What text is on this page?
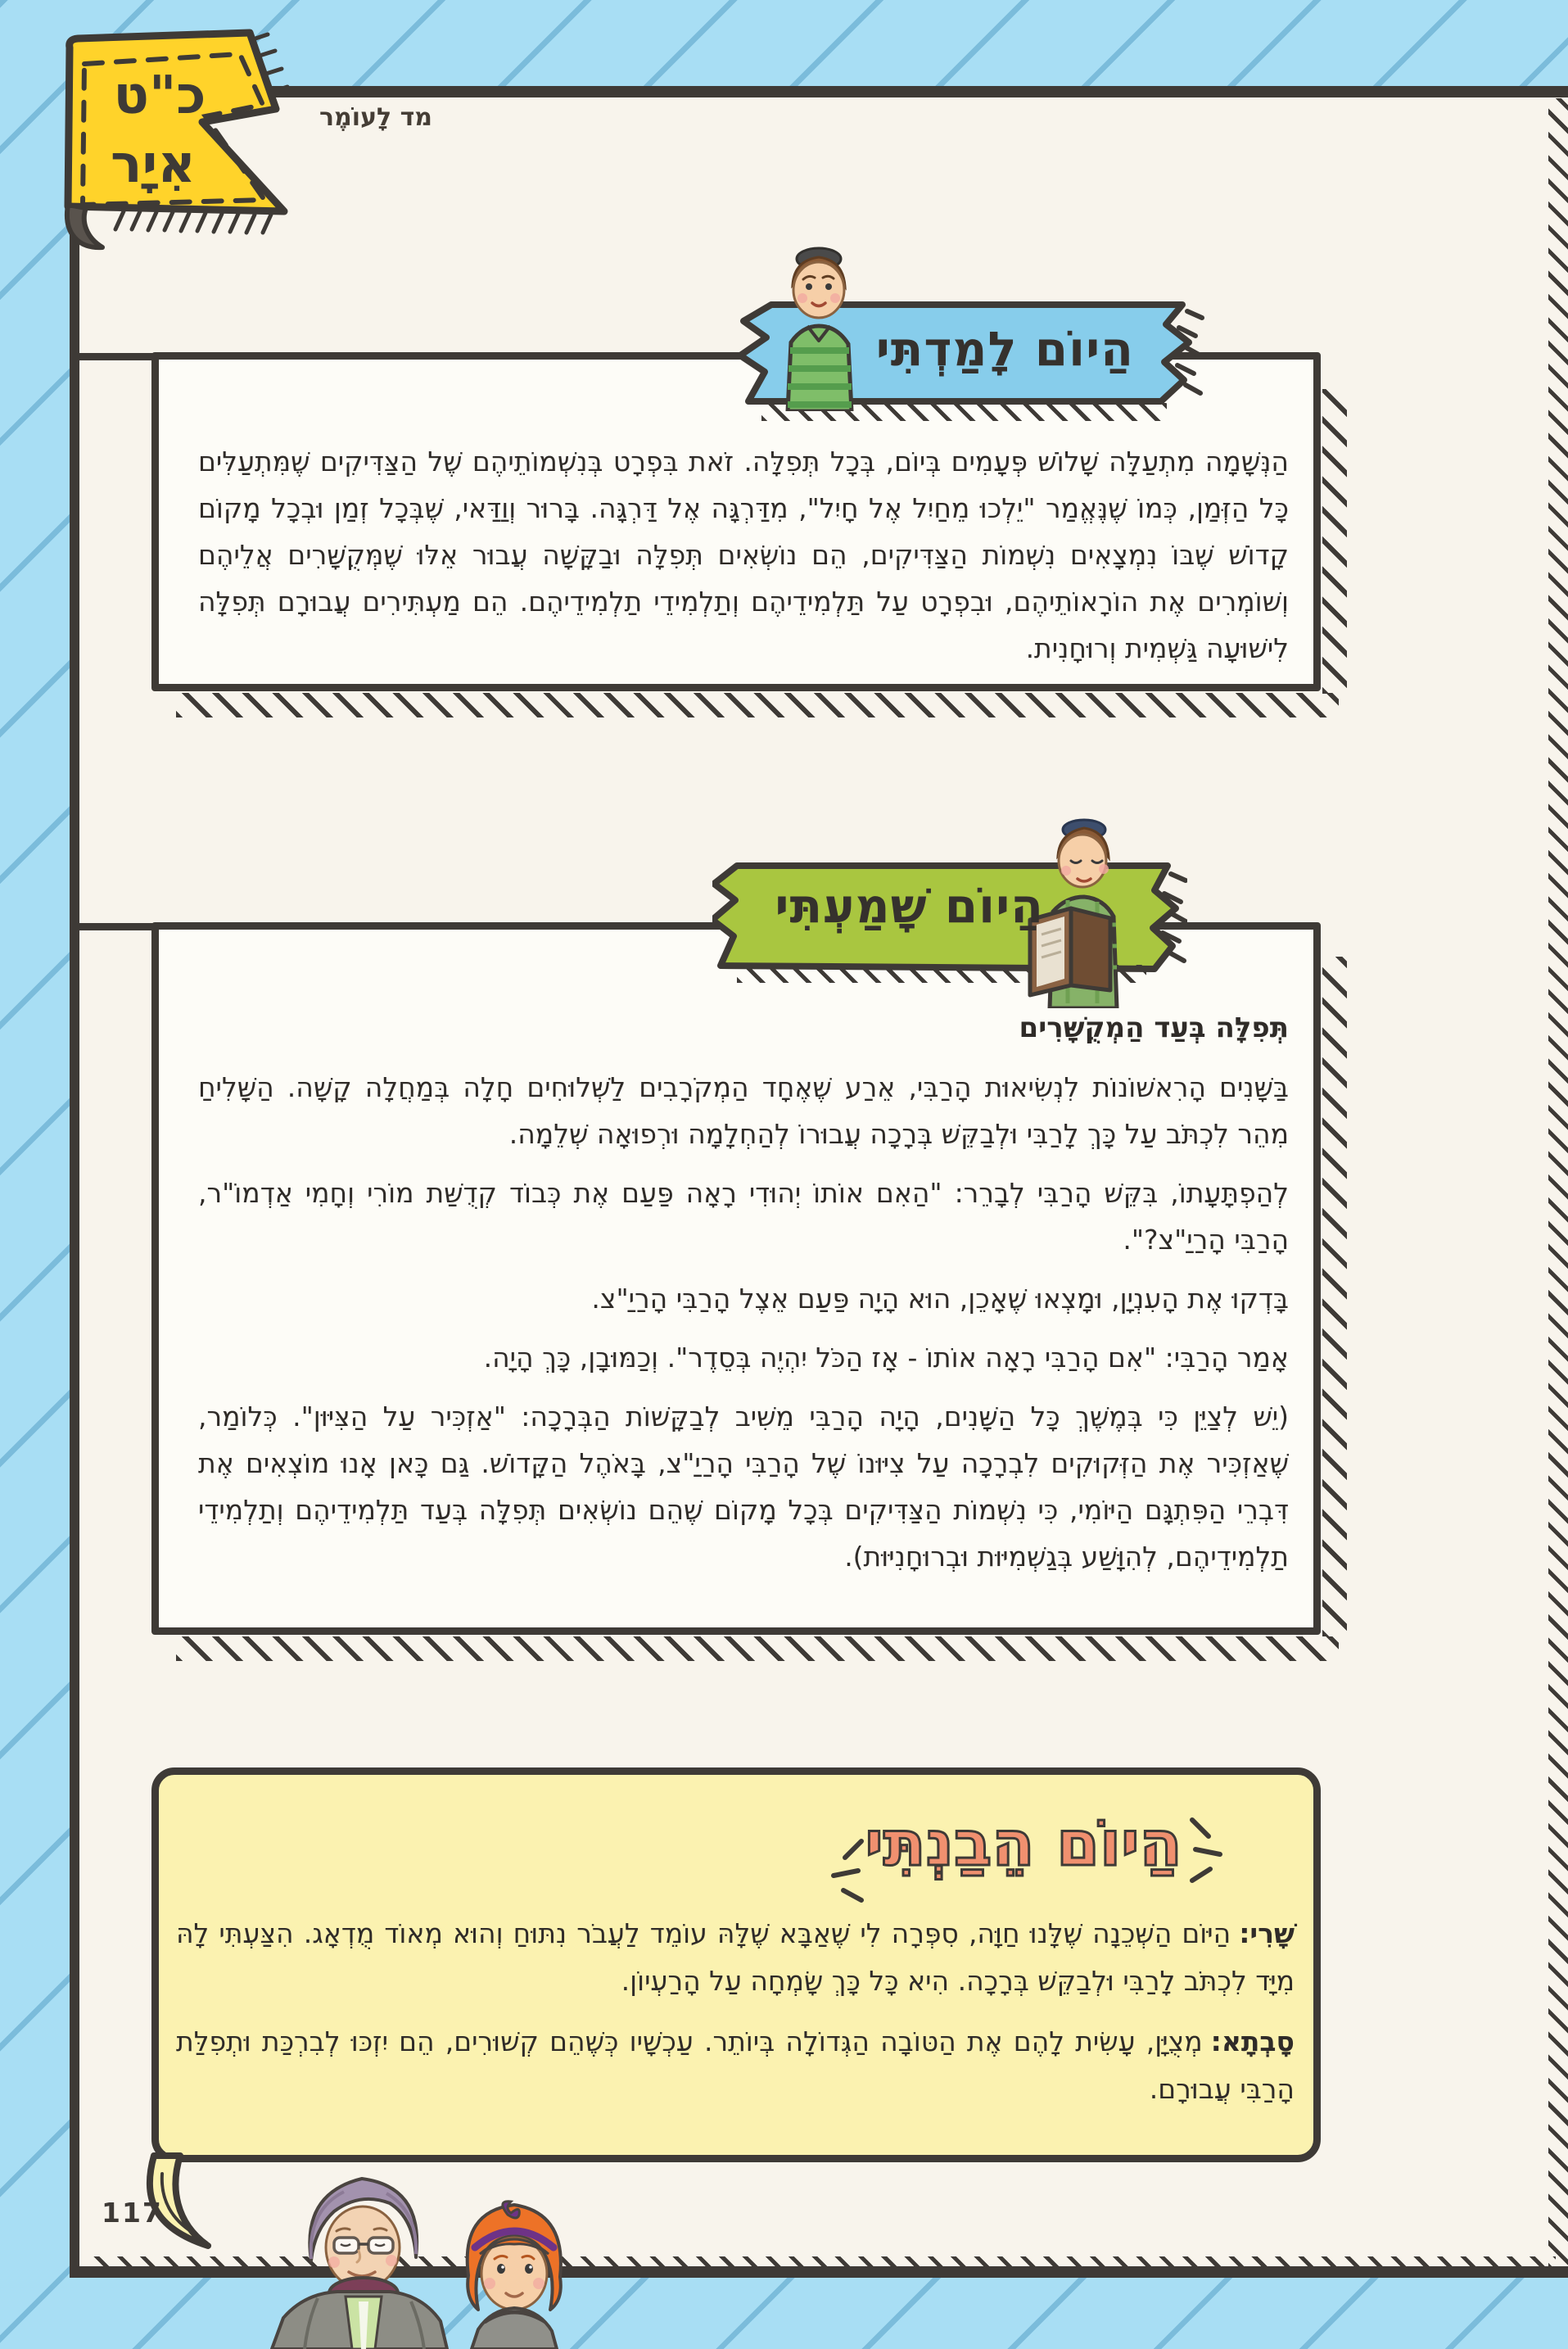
מד לָעוֹמֶר

הַנְּשָׁמָה מִתְעַלָּה שָׁלוֹשׁ פְּעָמִים בְּיוֹם, בְּכָל תְּפִלָּה. זֹאת בִּפְרָט בְּנִשְׁמוֹתֵיהֶם שֶׁל הַצַּדִּיקִים שֶׁמִּתְעַלִּים כָּל הַזְּמַן, כְּמוֹ שֶׁנֶּאֱמַר "יֵלְכוּ מֵחַיִל אֶל חָיִל", מִדַּרְגָּה אֶל דַּרְגָּה. בָּרוּר וְוַדַּאי, שֶׁבְּכָל זְמַן וּבְכָל מָקוֹם קָדוֹשׁ שֶׁבּוֹ נִמְצָאִים נִשְׁמוֹת הַצַּדִּיקִים, הֵם נוֹשְׂאִים תְּפִלָּה וּבַקָּשָׁה עֲבוּר אֵלּוּ שֶׁמְּקֻשָּׁרִים אֲלֵיהֶם וְשׁוֹמְרִים אֶת הוֹרָאוֹתֵיהֶם, וּבִפְרָט עַל תַּלְמִידֵיהֶם וְתַלְמִידֵי תַלְמִידֵיהֶם. הֵם מַעְתִּירִים עֲבוּרָם תְּפִלָּה לִישׁוּעָה גַּשְׁמִית וְרוּחָנִית.

הַיוֹם לָמַדְתִּי

תְּפִלָּה בְּעַד הַמְקֻשָּׁרִים

בַּשָּׁנִים הָרִאשׁוֹנוֹת לִנְשִׂיאוּת הָרַבִּי, אֵרַע שֶׁאֶחָד הַמְקֹרָבִים לַשְּׁלוּחִים חָלָה בְּמַחֲלָה קָשָׁה. הַשָּׁלִיחַ מִהֵר לִכְתֹּב עַל כָּךְ לָרַבִּי וּלְבַקֵּשׁ בְּרָכָה עֲבוּרוֹ לְהַחְלָמָה וּרְפוּאָה שְׁלֵמָה.

לְהַפְתָּעָתוֹ, בִּקֵּשׁ הָרַבִּי לְבָרֵר: "הַאִם אוֹתוֹ יְהוּדִי רָאָה פַּעַם אֶת כְּבוֹד קְדֻשַּׁת מוֹרִי וְחָמִי אַדְמוֹ"ר, הָרַבִּי הָרַיַ"צ?".

בָּדְקוּ אֶת הָעִנְיָן, וּמָצְאוּ שֶׁאָכֵן, הוּא הָיָה פַּעַם אֵצֶל הָרַבִּי הָרַיַ"צ.

אָמַר הָרַבִּי: "אִם הָרַבִּי רָאָה אוֹתוֹ - אָז הַכֹּל יִהְיֶה בְּסֵדֶר". וְכַמּוּבָן, כָּךְ הָיָה.

(יֵשׁ לְצַיֵּן כִּי בְּמֶשֶׁךְ כָּל הַשָּׁנִים, הָיָה הָרַבִּי מֵשִׁיב לְבַקָּשׁוֹת הַבְּרָכָה: "אַזְכִּיר עַל הַצִּיּוּן". כְּלוֹמַר, שֶׁאַזְכִּיר אֶת הַזְּקוּקִים לִבְרָכָה עַל צִיּוּנוֹ שֶׁל הָרַבִּי הָרַיַ"צ, בָּאֹהֶל הַקָּדוֹשׁ. גַּם כָּאן אָנוּ מוֹצְאִים אֶת דִּבְרֵי הַפִּתְגָּם הַיּוֹמִי, כִּי נִשְׁמוֹת הַצַּדִּיקִים בְּכָל מָקוֹם שֶׁהֵם נוֹשְׂאִים תְּפִלָּה בְּעַד תַּלְמִידֵיהֶם וְתַלְמִידֵי תַלְמִידֵיהֶם, לְהִוָּשַׁע בְּגַשְׁמִיּוּת וּבְרוּחָנִיּוּת).

הַיוֹם שָׁמַעְתִּי
כ"ט
אִיָר
הַיוֹם הֵבַנְתִּי

שָׁרִי:הַיּוֹם הַשְּׁכֵנָה שֶׁלָּנוּ חַוָּה, סִפְּרָה לִי שֶׁאַבָּא שֶׁלָּהּ עוֹמֵד לַעֲבֹר נִתּוּחַ וְהוּא מְאוֹד מֻדְאָג. הִצַּעְתִּי לָהּ מִיָּד לִכְתֹּב לָרַבִּי וּלְבַקֵּשׁ בְּרָכָה. הִיא כָּל כָּךְ שָׂמְחָה עַל הָרַעְיוֹן.

סָבְתָא:מְצֻיָּן, עָשִׂית לָהֶם אֶת הַטּוֹבָה הַגְּדוֹלָה בְּיוֹתֵר. עַכְשָׁיו כְּשֶׁהֵם קְשׁוּרִים, הֵם יִזְכּוּ לְבִרְכַּת וּתְפִלַּת הָרַבִּי עֲבוּרָם.

117
